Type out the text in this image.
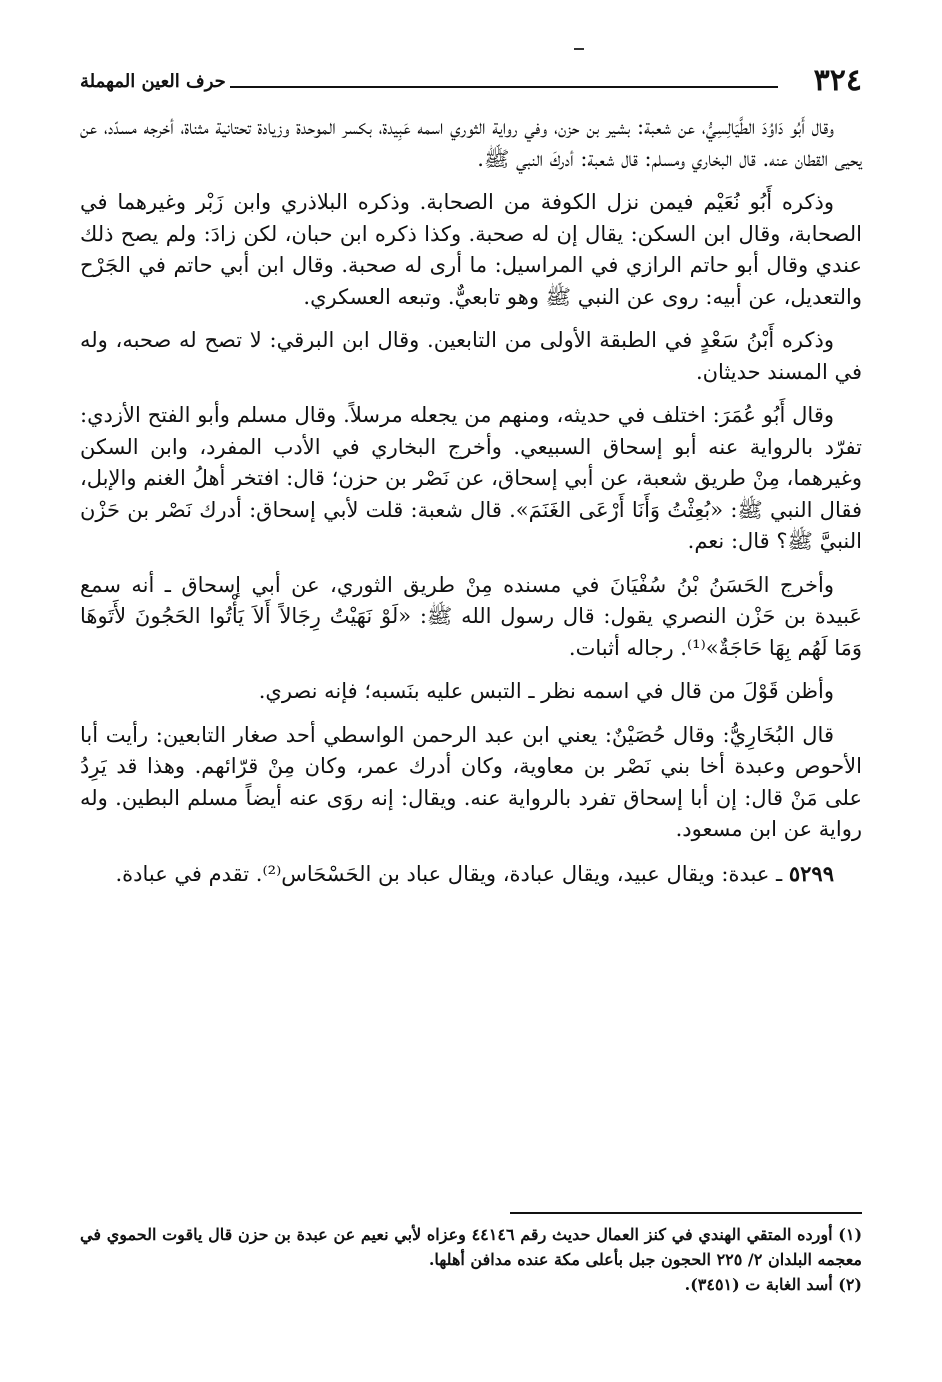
٣٢٤
حرف العين المهملة

وقال أَبُو دَاوُدَ الطَّيَالِسِيُّ، عن شعبة: بشير بن حزن، وفي رواية الثوري اسمه عَبِيدة، بكسر الموحدة وزيادة تحتانية مثناة، أخرجه مسدّد، عن يحيى القطان عنه. قال البخاري ومسلم: قال شعبة: أدركَ النبي ﷺ.

وذكره أَبُو نُعَيْم فيمن نزل الكوفة من الصحابة. وذكره البلاذري وابن زَبْر وغيرهما في الصحابة، وقال ابن السكن: يقال إن له صحبة. وكذا ذكره ابن حبان، لكن زادَ: ولم يصح ذلك عندي وقال أبو حاتم الرازي في المراسيل: ما أرى له صحبة. وقال ابن أبي حاتم في الجَرْح والتعديل، عن أبيه: روى عن النبي ﷺ وهو تابعيٌّ. وتبعه العسكري.

وذكره أَبْنُ سَعْدٍ في الطبقة الأولى من التابعين. وقال ابن البرقي: لا تصح له صحبه، وله في المسند حديثان.

وقال أَبُو عُمَرَ: اختلف في حديثه، ومنهم من يجعله مرسلاً. وقال مسلم وأبو الفتح الأزدي: تفرّد بالرواية عنه أبو إسحاق السبيعي. وأخرج البخاري في الأدب المفرد، وابن السكن وغيرهما، مِنْ طريق شعبة، عن أبي إسحاق، عن نَصْر بن حزن؛ قال: افتخر أهلُ الغنم والإبل، فقال النبي ﷺ: «بُعِثْتُ وَأَنَا أَرْعَى الغَنَمَ». قال شعبة: قلت لأبي إسحاق: أدرك نَصْر بن حَزْن النبيَّ ﷺ؟ قال: نعم.

وأخرج الحَسَنُ بْنُ سُفْيَانَ في مسنده مِنْ طريق الثوري، عن أبي إسحاق ـ أنه سمع عَبيدة بن حَزْن النصري يقول: قال رسول الله ﷺ: «لَوْ نَهَيْتُ رِجَالاً أَلاَ يَأْتُوا الحَجُونَ لأَتَوهَا وَمَا لَهُم بِهَا حَاجَةٌ»⁽¹⁾. رجاله أثبات.

وأظن قَوْلَ من قال في اسمه نظر ـ التبس عليه بنَسبه؛ فإنه نصري.

قال البُخَارِيُّ: وقال حُصَيْنٌ: يعني ابن عبد الرحمن الواسطي أحد صغار التابعين: رأيت أبا الأحوص وعبدة أخا بني نَصْر بن معاوية، وكان أدرك عمر، وكان مِنْ قرّائهم. وهذا قد يَرِدُ على مَنْ قال: إن أبا إسحاق تفرد بالرواية عنه. ويقال: إنه روَى عنه أيضاً مسلم البطين. وله رواية عن ابن مسعود.

٥٢٩٩ ـ عبدة: ويقال عبيد، ويقال عبادة، ويقال عباد بن الحَسْحَاس⁽²⁾. تقدم في عبادة.

(١) أورده المتقي الهندي في كنز العمال حديث رقم ٤٤١٤٦ وعزاه لأبي نعيم عن عبدة بن حزن قال ياقوت الحموي في معجمه البلدان ٢/ ٢٢٥ الحجون جبل بأعلى مكة عنده مدافن أهلها.

(٢) أسد الغابة ت (٣٤٥١).
